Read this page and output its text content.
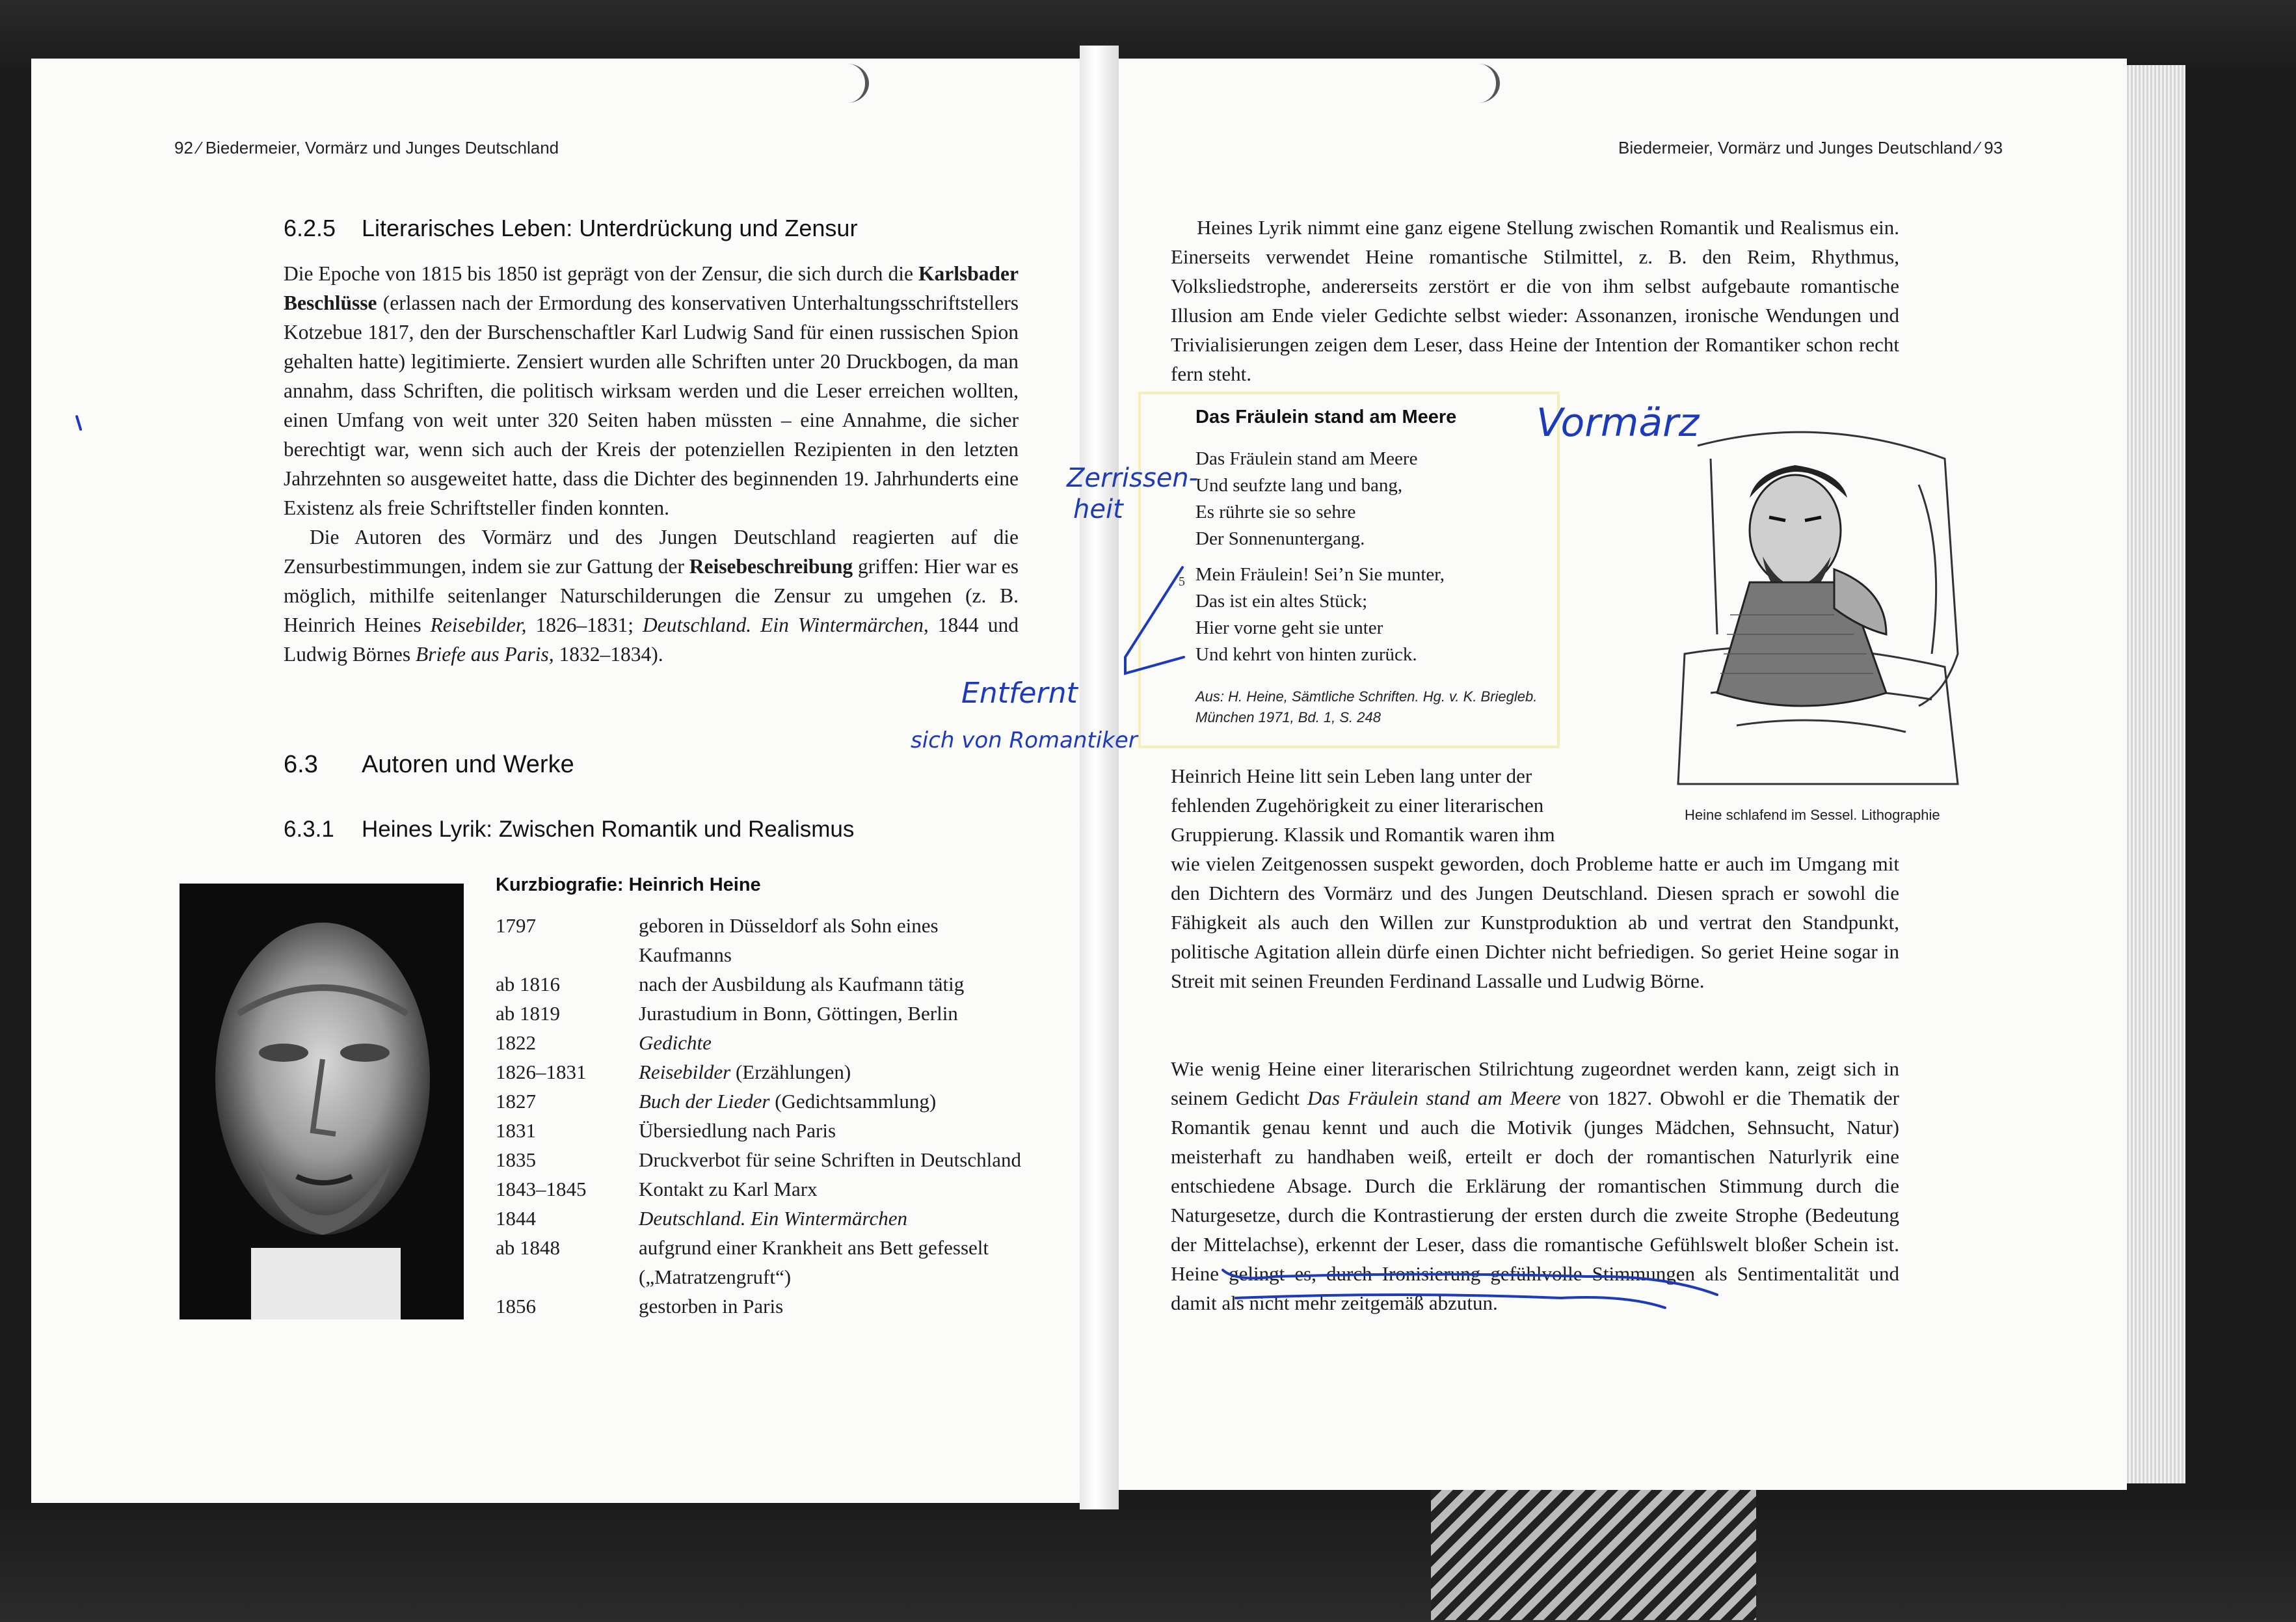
92 ⁄ Biedermeier, Vormärz und Junges Deutschland
6.2.5 Literarisches Leben: Unterdrückung und Zensur

Die Epoche von 1815 bis 1850 ist geprägt von der Zensur, die sich durch die Karlsbader Beschlüsse (erlassen nach der Ermordung des konservativen Unterhaltungsschriftstellers Kotzebue 1817, den der Burschenschaftler Karl Ludwig Sand für einen russischen Spion gehalten hatte) legitimierte. Zensiert wurden alle Schriften unter 20 Druckbogen, da man annahm, dass Schriften, die politisch wirksam werden und die Leser erreichen wollten, einen Umfang von weit unter 320 Seiten haben müssten – eine Annahme, die sicher berechtigt war, wenn sich auch der Kreis der potenziellen Rezipienten in den letzten Jahrzehnten so ausgeweitet hatte, dass die Dichter des beginnenden 19. Jahrhunderts eine Existenz als freie Schriftsteller finden konnten.

Die Autoren des Vormärz und des Jungen Deutschland reagierten auf die Zensurbestimmungen, indem sie zur Gattung der Reisebeschreibung griffen: Hier war es möglich, mithilfe seitenlanger Naturschilderungen die Zensur zu umgehen (z. B. Heinrich Heines Reisebilder, 1826–1831; Deutschland. Ein Wintermärchen, 1844 und Ludwig Börnes Briefe aus Paris, 1832–1834).

6.3 Autoren und Werke
6.3.1 Heines Lyrik: Zwischen Romantik und Realismus
Kurzbiografie: Heinrich Heine
1797	geboren in Düsseldorf als Sohn eines Kaufmanns
ab 1816	nach der Ausbildung als Kaufmann tätig
ab 1819	Jurastudium in Bonn, Göttingen, Berlin
1822	Gedichte
1826–1831	Reisebilder (Erzählungen)
1827	Buch der Lieder (Gedichtsammlung)
1831	Übersiedlung nach Paris
1835	Druckverbot für seine Schriften in Deutschland
1843–1845	Kontakt zu Karl Marx
1844	Deutschland. Ein Wintermärchen
ab 1848	aufgrund einer Krankheit ans Bett gefesselt („Matratzengruft“)
1856	gestorben in Paris
Biedermeier, Vormärz und Junges Deutschland ⁄ 93

Heines Lyrik nimmt eine ganz eigene Stellung zwischen Romantik und Realismus ein. Einerseits verwendet Heine romantische Stilmittel, z. B. den Reim, Rhythmus, Volksliedstrophe, andererseits zerstört er die von ihm selbst aufgebaute romantische Illusion am Ende vieler Gedichte selbst wieder: Assonanzen, ironische Wendungen und Trivialisierungen zeigen dem Leser, dass Heine der Intention der Romantiker schon recht fern steht.

Das Fräulein stand am Meere
Das Fräulein stand am Meere
Und seufzte lang und bang,
Es rührte sie so sehre
Der Sonnenuntergang.
Mein Fräulein! Sei’n Sie munter,
Das ist ein altes Stück;
Hier vorne geht sie unter
Und kehrt von hinten zurück.
5
Aus: H. Heine, Sämtliche Schriften. Hg. v. K. Briegleb.
München 1971, Bd. 1, S. 248
Heine schlafend im Sessel. Lithographie
Heinrich Heine litt sein Leben lang unter der
fehlenden Zugehörigkeit zu einer literarischen
Gruppierung. Klassik und Romantik waren ihm

wie vielen Zeitgenossen suspekt geworden, doch Probleme hatte er auch im Umgang mit den Dichtern des Vormärz und des Jungen Deutschland. Diesen sprach er sowohl die Fähigkeit als auch den Willen zur Kunstproduktion ab und vertrat den Standpunkt, politische Agitation allein dürfe einen Dichter nicht befriedigen. So geriet Heine sogar in Streit mit seinen Freunden Ferdinand Lassalle und Ludwig Börne.

Wie wenig Heine einer literarischen Stilrichtung zugeordnet werden kann, zeigt sich in seinem Gedicht Das Fräulein stand am Meere von 1827. Obwohl er die Thematik der Romantik genau kennt und auch die Motivik (junges Mädchen, Sehnsucht, Natur) meisterhaft zu handhaben weiß, erteilt er doch der romantischen Naturlyrik eine entschiedene Absage. Durch die Erklärung der romantischen Stimmung durch die Naturgesetze, durch die Kontrastierung der ersten durch die zweite Strophe (Bedeutung der Mittelachse), erkennt der Leser, dass die romantische Gefühlswelt bloßer Schein ist. Heine gelingt es, durch Ironisierung gefühlvolle Stimmungen als Sentimentalität und damit als nicht mehr zeitgemäß abzutun.

Vormärz
Zerrissen-
heit
Entfernt
sich von Romantiker
